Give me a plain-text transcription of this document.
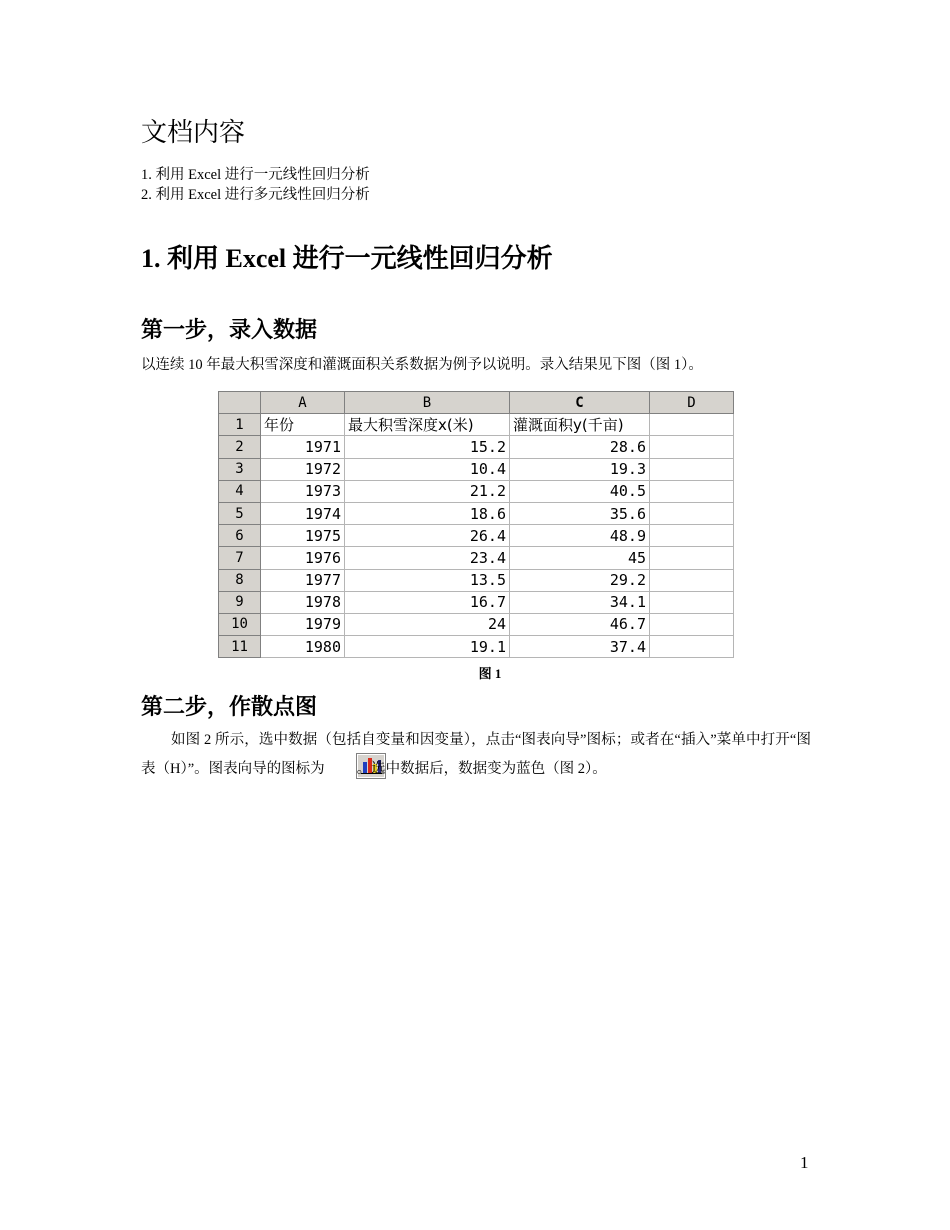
文档内容
1. 利用 Excel 进行一元线性回归分析
2. 利用 Excel 进行多元线性回归分析
1. 利用 Excel 进行一元线性回归分析
第一步，录入数据
以连续 10 年最大积雪深度和灌溉面积关系数据为例予以说明。录入结果见下图（图 1）。
	A	B	C	D
1	年份	最大积雪深度x(米)	灌溉面积y(千亩)	
2	1971	15.2	28.6	
3	1972	10.4	19.3	
4	1973	21.2	40.5	
5	1974	18.6	35.6	
6	1975	26.4	48.9	
7	1976	23.4	45	
8	1977	13.5	29.2	
9	1978	16.7	34.1	
10	1979	24	46.7	
11	1980	19.1	37.4	
图 1
第二步，作散点图

如图 2 所示，选中数据（包括自变量和因变量），点击“图表向导”图标；或者在“插入”菜单中打开“图表（H）”。图表向导的图标为 。选中数据后，数据变为蓝色（图 2）。

1
